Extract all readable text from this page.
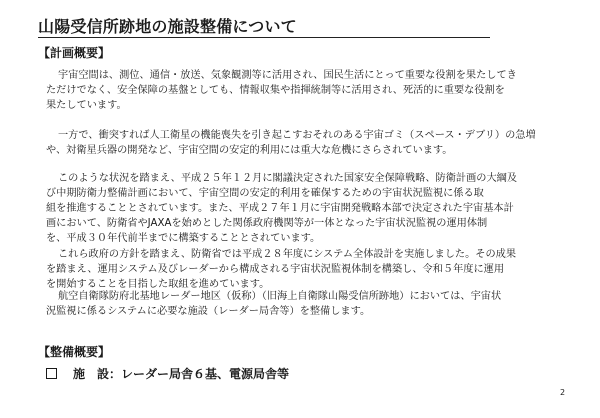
山陽受信所跡地の施設整備について
【計画概要】
宇宙空間は、測位、通信・放送、気象観測等に活用され、国民生活にとって重要な役割を果たしてき
ただけでなく、安全保障の基盤としても、情報収集や指揮統制等に活用され、死活的に重要な役割を
果たしています。
一方で、衝突すれば人工衛星の機能喪失を引き起こすおそれのある宇宙ゴミ（スペース・デブリ）の急増
や、対衛星兵器の開発など、宇宙空間の安定的利用には重大な危機にさらされています。
このような状況を踏まえ、平成２５年１２月に閣議決定された国家安全保障戦略、防衛計画の大綱及
び中期防衛力整備計画において、宇宙空間の安定的利用を確保するための宇宙状況監視に係る取
組を推進することとされています。また、平成２７年１月に宇宙開発戦略本部で決定された宇宙基本計
画において、防衛省やJAXAを始めとした関係政府機関等が一体となった宇宙状況監視の運用体制
を、平成３０年代前半までに構築することとされています。
これら政府の方針を踏まえ、防衛省では平成２８年度にシステム全体設計を実施しました。その成果
を踏まえ、運用システム及びレーダーから構成される宇宙状況監視体制を構築し、令和５年度に運用
を開始することを目指した取組を進めています。
航空自衛隊防府北基地レーダー地区（仮称）（旧海上自衛隊山陽受信所跡地）においては、宇宙状
況監視に係るシステムに必要な施設（レーダー局舎等）を整備します。
【整備概要】
施　設：レーダー局舎６基、電源局舎等
2
